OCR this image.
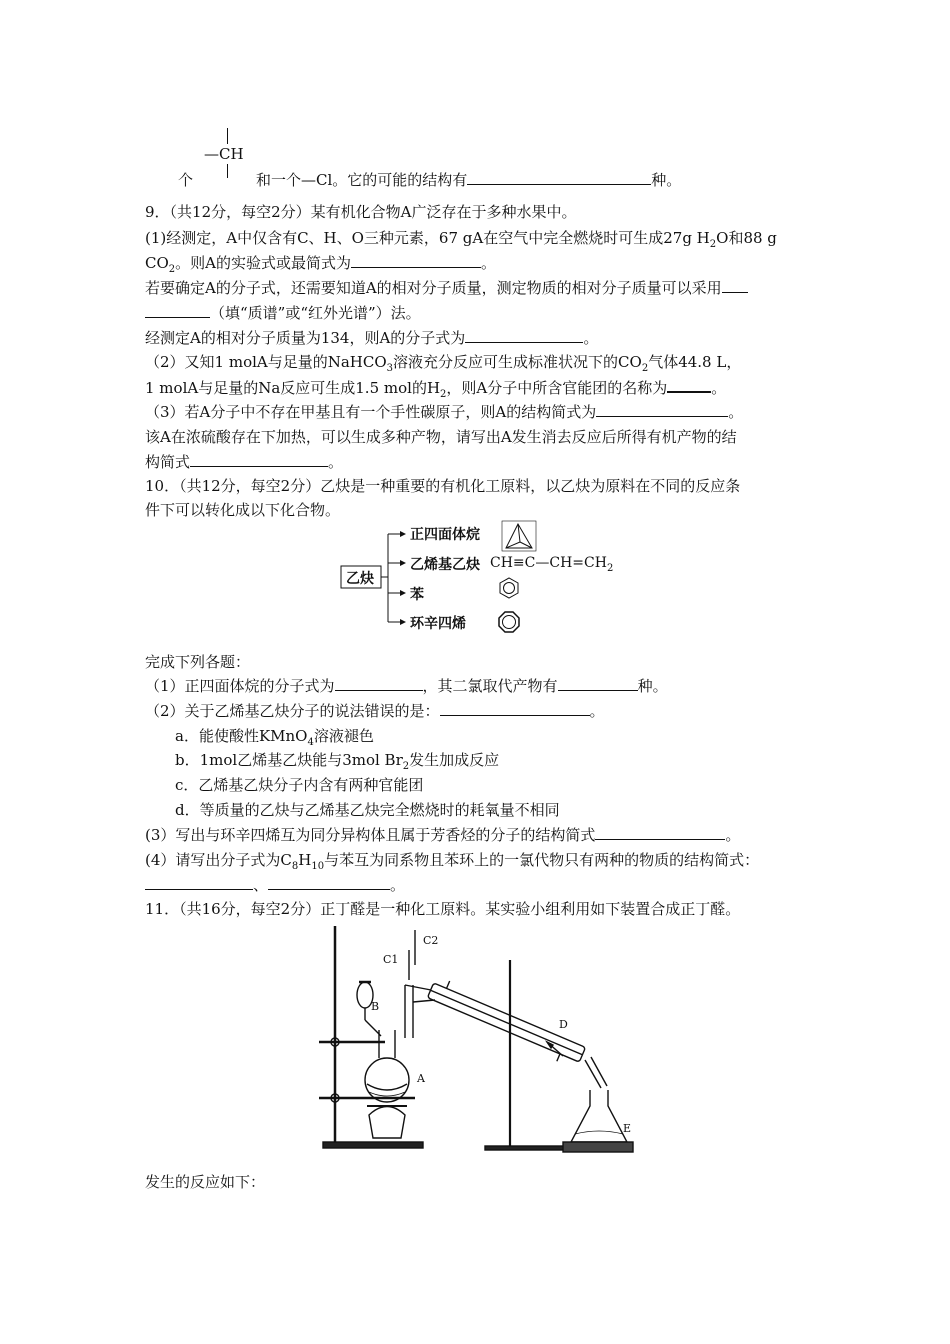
—CH
个	和一个—Cl。它的可能的结构有	种。
9．（共12分，每空2分）某有机化合物A广泛存在于多种水果中。
(1)经测定，A中仅含有C、H、O三种元素，67 gA在空气中完全燃烧时可生成27g $H_2O$和88 g
$CO_2$。则A的实验式或最简式为	。
若要确定A的分子式，还需要知道A的相对分子质量，测定物质的相对分子质量可以采用
（填“质谱”或“红外光谱”）法。
经测定A的相对分子质量为134，则A的分子式为	。
（2）又知1 molA与足量的NaHCO$_3$溶液充分反应可生成标准状况下的$CO_2$气体44.8 L，
1 molA与足量的Na反应可生成1.5 mol的$H_2$，则A分子中所含官能团的名称为	。
（3）若A分子中不存在甲基且有一个手性碳原子，则A的结构简式为	。
该A在浓硫酸存在下加热，可以生成多种产物，请写出A发生消去反应后所得有机产物的结
构简式	。
10．（共12分，每空2分）乙炔是一种重要的有机化工原料，以乙炔为原料在不同的反应条
件下可以转化成以下化合物。
乙炔
正四面体烷
乙烯基乙炔
苯
环辛四烯
$CH\equiv C—CH=CH_2$
完成下列各题：
（1）正四面体烷的分子式为	，其二氯取代产物有	种。
（2）关于乙烯基乙炔分子的说法错误的是：	。
a．能使酸性KMnO$_4$溶液褪色
b．1mol乙烯基乙炔能与3mol $Br_2$发生加成反应
c．乙烯基乙炔分子内含有两种官能团
d．等质量的乙炔与乙烯基乙炔完全燃烧时的耗氧量不相同
(3）写出与环辛四烯互为同分异构体且属于芳香烃的分子的结构简式	。
(4）请写出分子式为$C_8H_{10}$与苯互为同系物且苯环上的一氯代物只有两种的物质的结构简式：
、	。
11．（共16分，每空2分）正丁醛是一种化工原料。某实验小组利用如下装置合成正丁醛。
C1
C2
B
A
D
E
发生的反应如下：
